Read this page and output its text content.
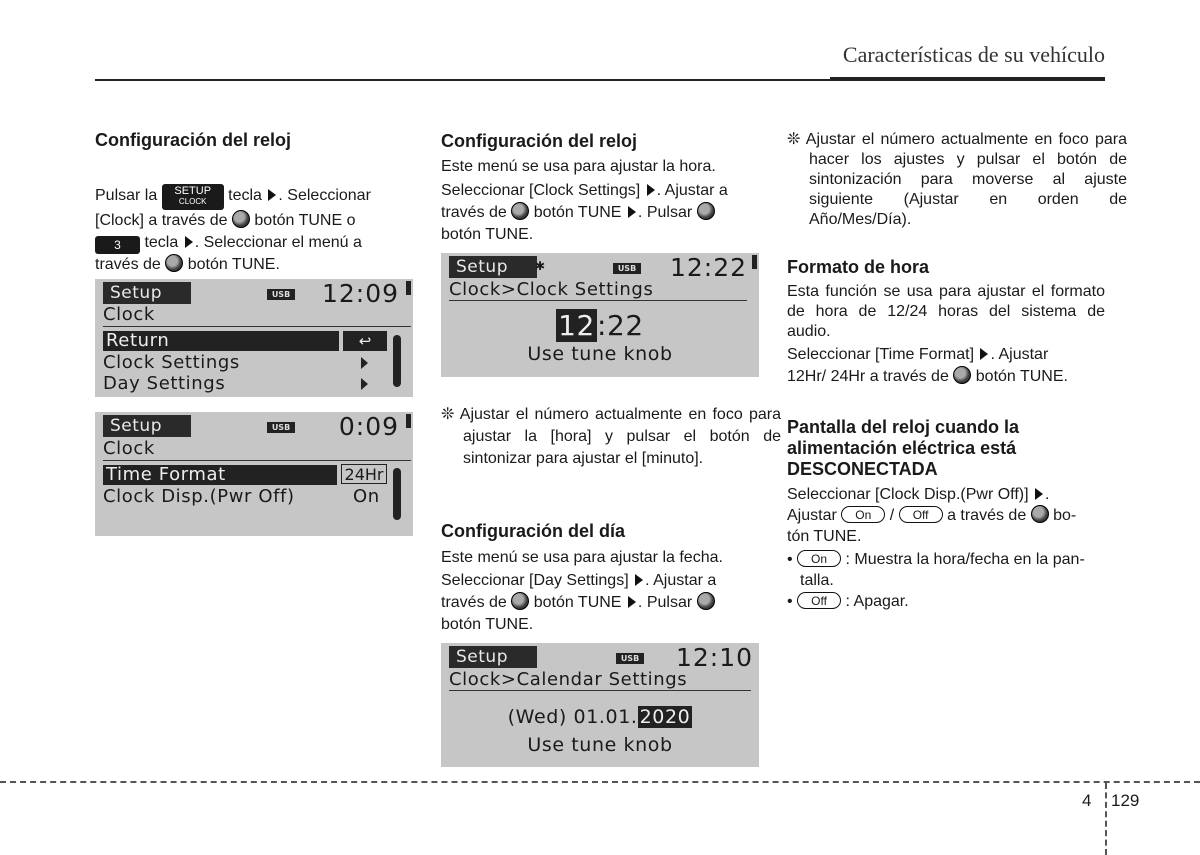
Características de su vehículo
Configuración del reloj
Pulsar la	SETUP
CLOCK	tecla . Seleccionar
[Clock] a través de botón TUNE o
3 tecla . Seleccionar el menú a
través de botón TUNE.
Setup	USB 12:09
Clock
Return	↩
Clock Settings
Day Settings
Setup	USB 0:09
Clock
Time Format	24Hr
Clock Disp.(Pwr Off)	On
Configuración del reloj
Este menú se usa para ajustar la hora.
Seleccionar [Clock Settings] . Ajustar a
través de botón TUNE . Pulsar
botón TUNE.
Setup	✱	USB 12:22
Clock>Clock Settings
12:22
Use tune knob
❊ Ajustar el número actualmente en foco para ajustar la [hora] y pulsar el botón de sintonizar para ajustar el [minuto].
Configuración del día
Este menú se usa para ajustar la fecha.
Seleccionar [Day Settings] . Ajustar a
través de botón TUNE . Pulsar
botón TUNE.
Setup	USB 12:10
Clock>Calendar Settings
(Wed) 01.01. 2020
Use tune knob
❊ Ajustar el número actualmente en foco para hacer los ajustes y pulsar el botón de sintonización para moverse al ajuste siguiente (Ajustar en orden de Año/Mes/Día).
Formato de hora
Esta función se usa para ajustar el formato de hora de 12/24 horas del sistema de audio.
Seleccionar [Time Format] . Ajustar
12Hr/ 24Hr a través de botón TUNE.
Pantalla del reloj cuando la alimentación eléctrica está DESCONECTADA
Seleccionar [Clock Disp.(Pwr Off)] .
Ajustar On / Off a través de bo-
tón TUNE.
• On : Muestra la hora/fecha en la pan-
talla.
• Off : Apagar.
4 129
